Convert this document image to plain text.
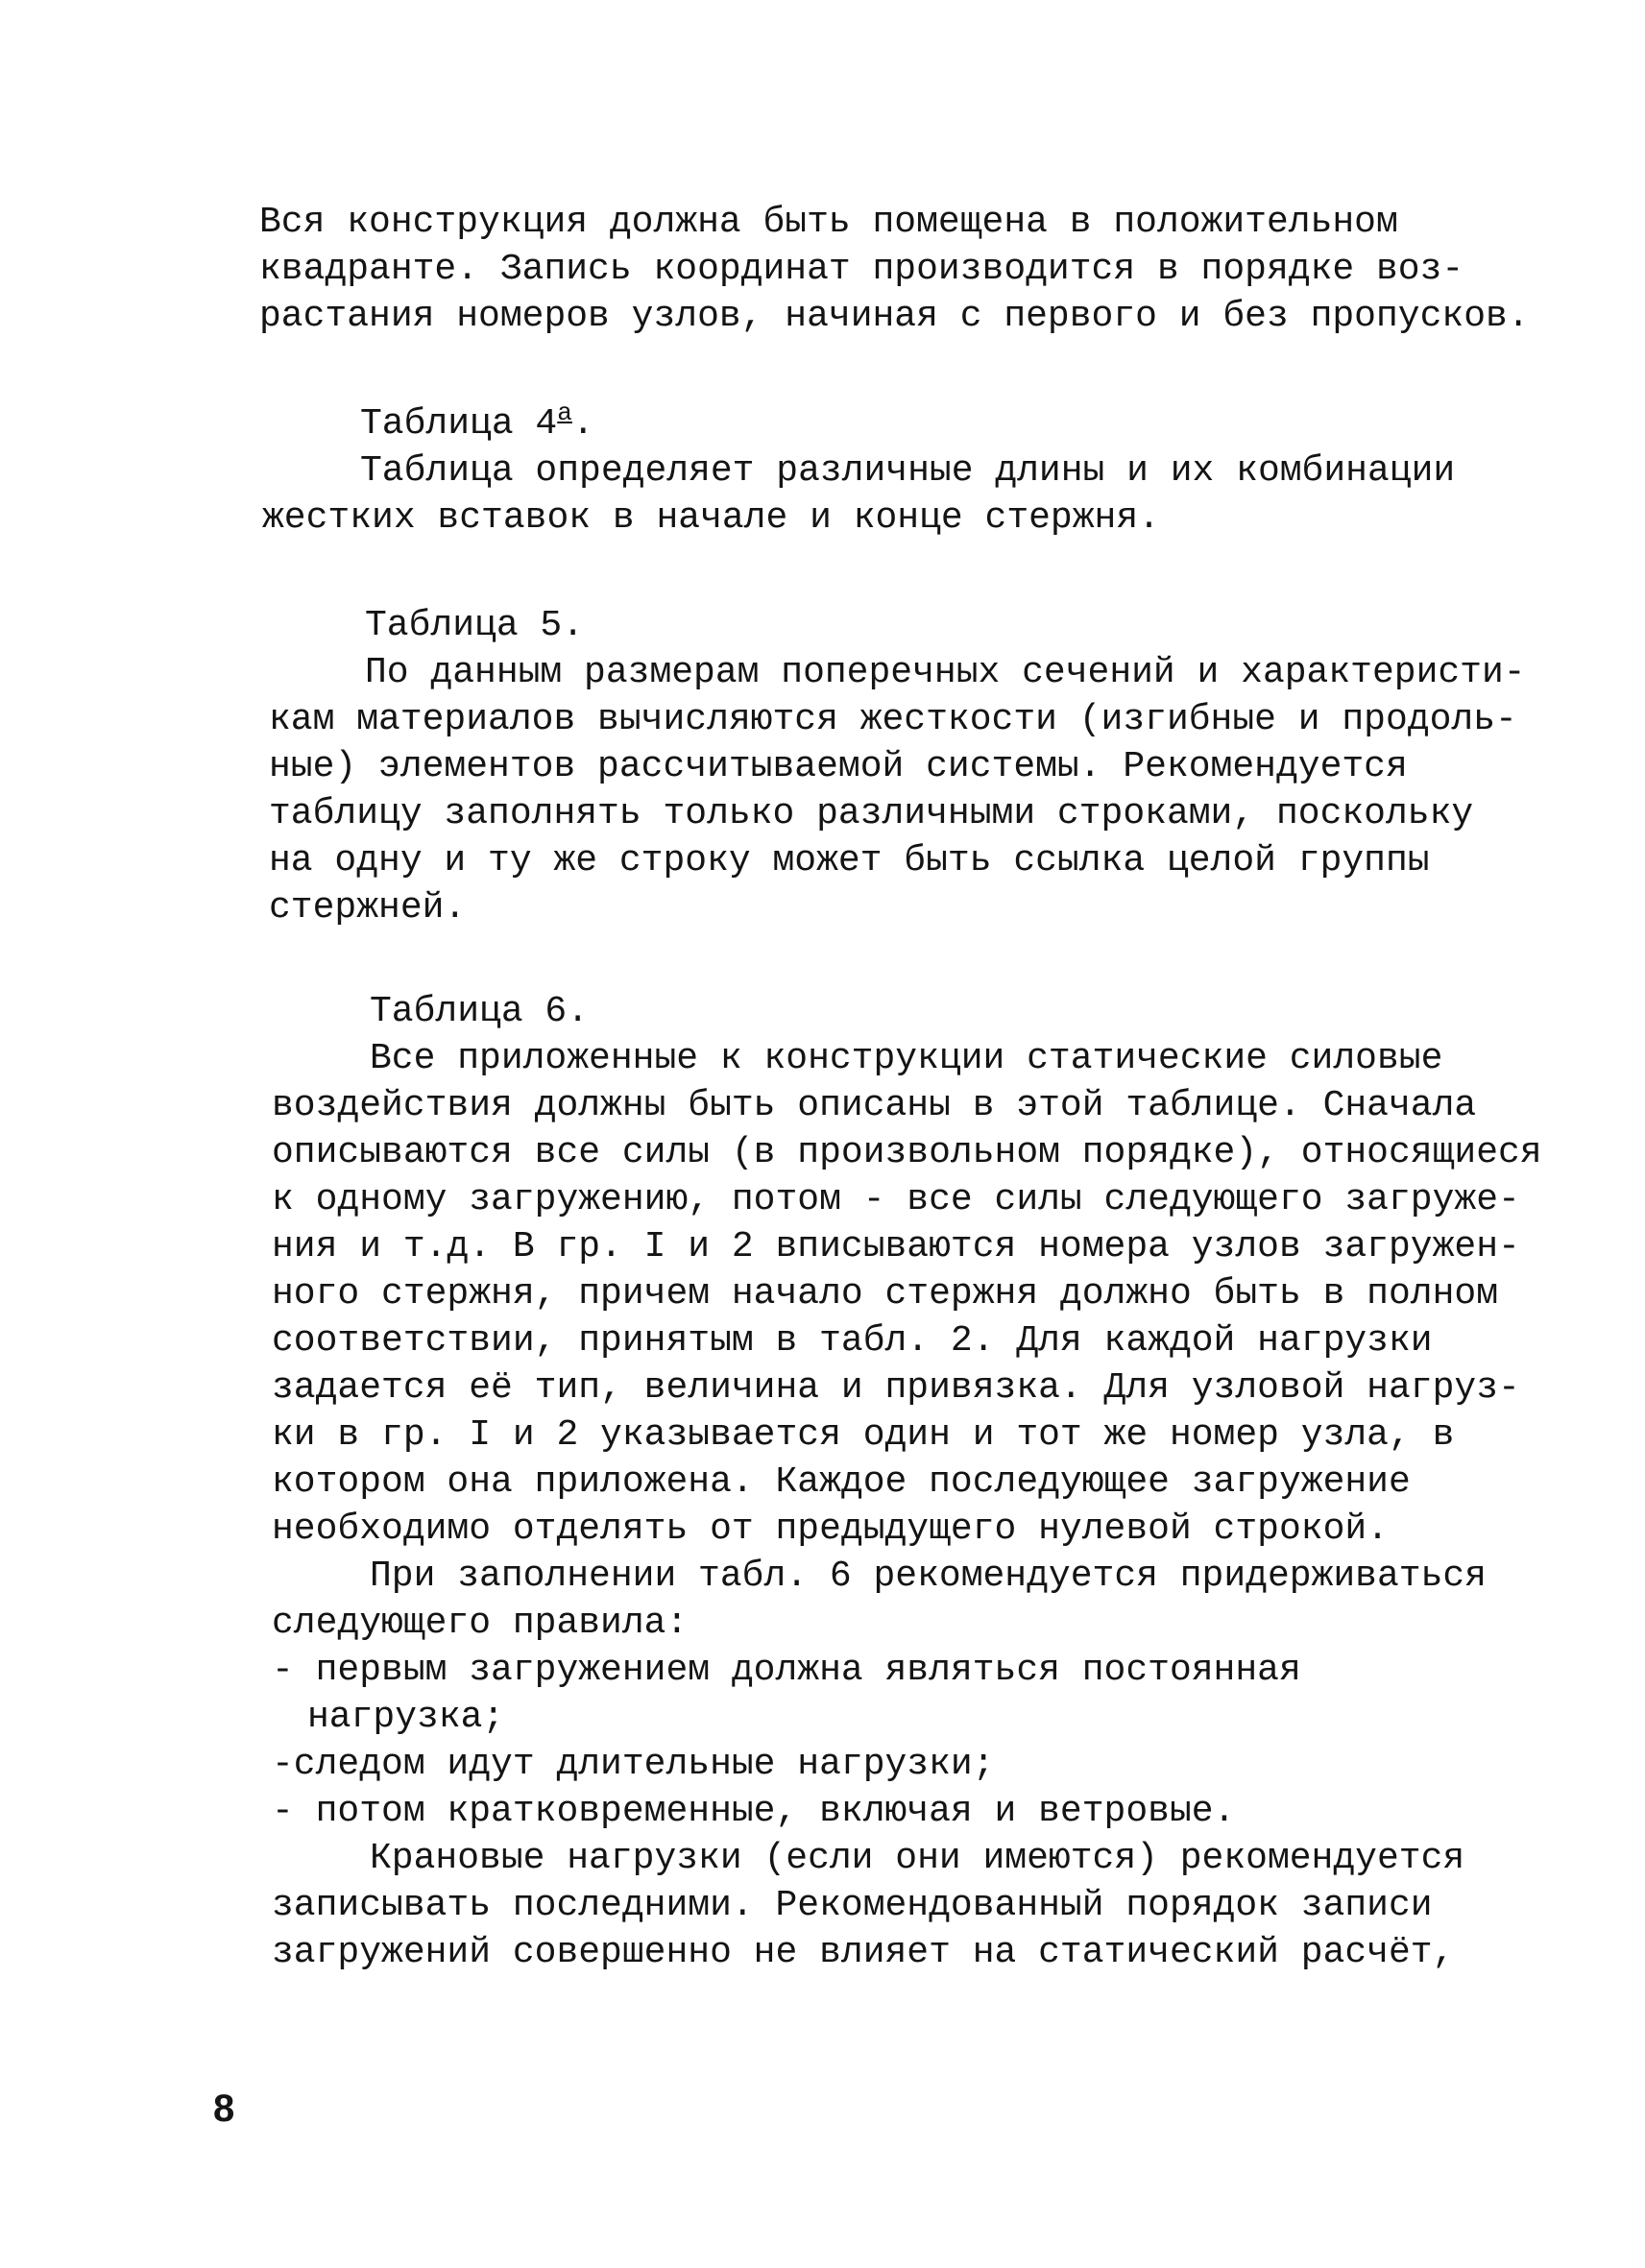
Вся конструкция должна быть помещена в положительном
квадранте. Запись координат производится в порядке воз-
растания номеров узлов, начиная с первого и без пропусков.
Таблица $4^а$.
Таблица определяет различные длины и их комбинации
жестких вставок в начале и конце стержня.
Таблица 5.
По данным размерам поперечных сечений и характеристи-
кам материалов вычисляются жесткости (изгибные и продоль-
ные) элементов рассчитываемой системы. Рекомендуется
таблицу заполнять только различными строками, поскольку
на одну и ту же строку может быть ссылка целой группы
стержней.
Таблица 6.
Все приложенные к конструкции статические силовые
воздействия должны быть описаны в этой таблице. Сначала
описываются все силы (в произвольном порядке), относящиеся
к одному загружению, потом - все силы следующего загруже-
ния и т.д. В гр. I и 2 вписываются номера узлов загружен-
ного стержня, причем начало стержня должно быть в полном
соответствии, принятым в табл. 2. Для каждой нагрузки
задается её тип, величина и привязка. Для узловой нагруз-
ки в гр. I и 2 указывается один и тот же номер узла, в
котором она приложена. Каждое последующее загружение
необходимо отделять от предыдущего нулевой строкой.
При заполнении табл. 6 рекомендуется придерживаться
следующего правила:
- первым загружением должна являться постоянная
нагрузка;
-следом идут длительные нагрузки;
- потом кратковременные, включая и ветровые.
Крановые нагрузки (если они имеются) рекомендуется
записывать последними. Рекомендованный порядок записи
загружений совершенно не влияет на статический расчёт,
8
